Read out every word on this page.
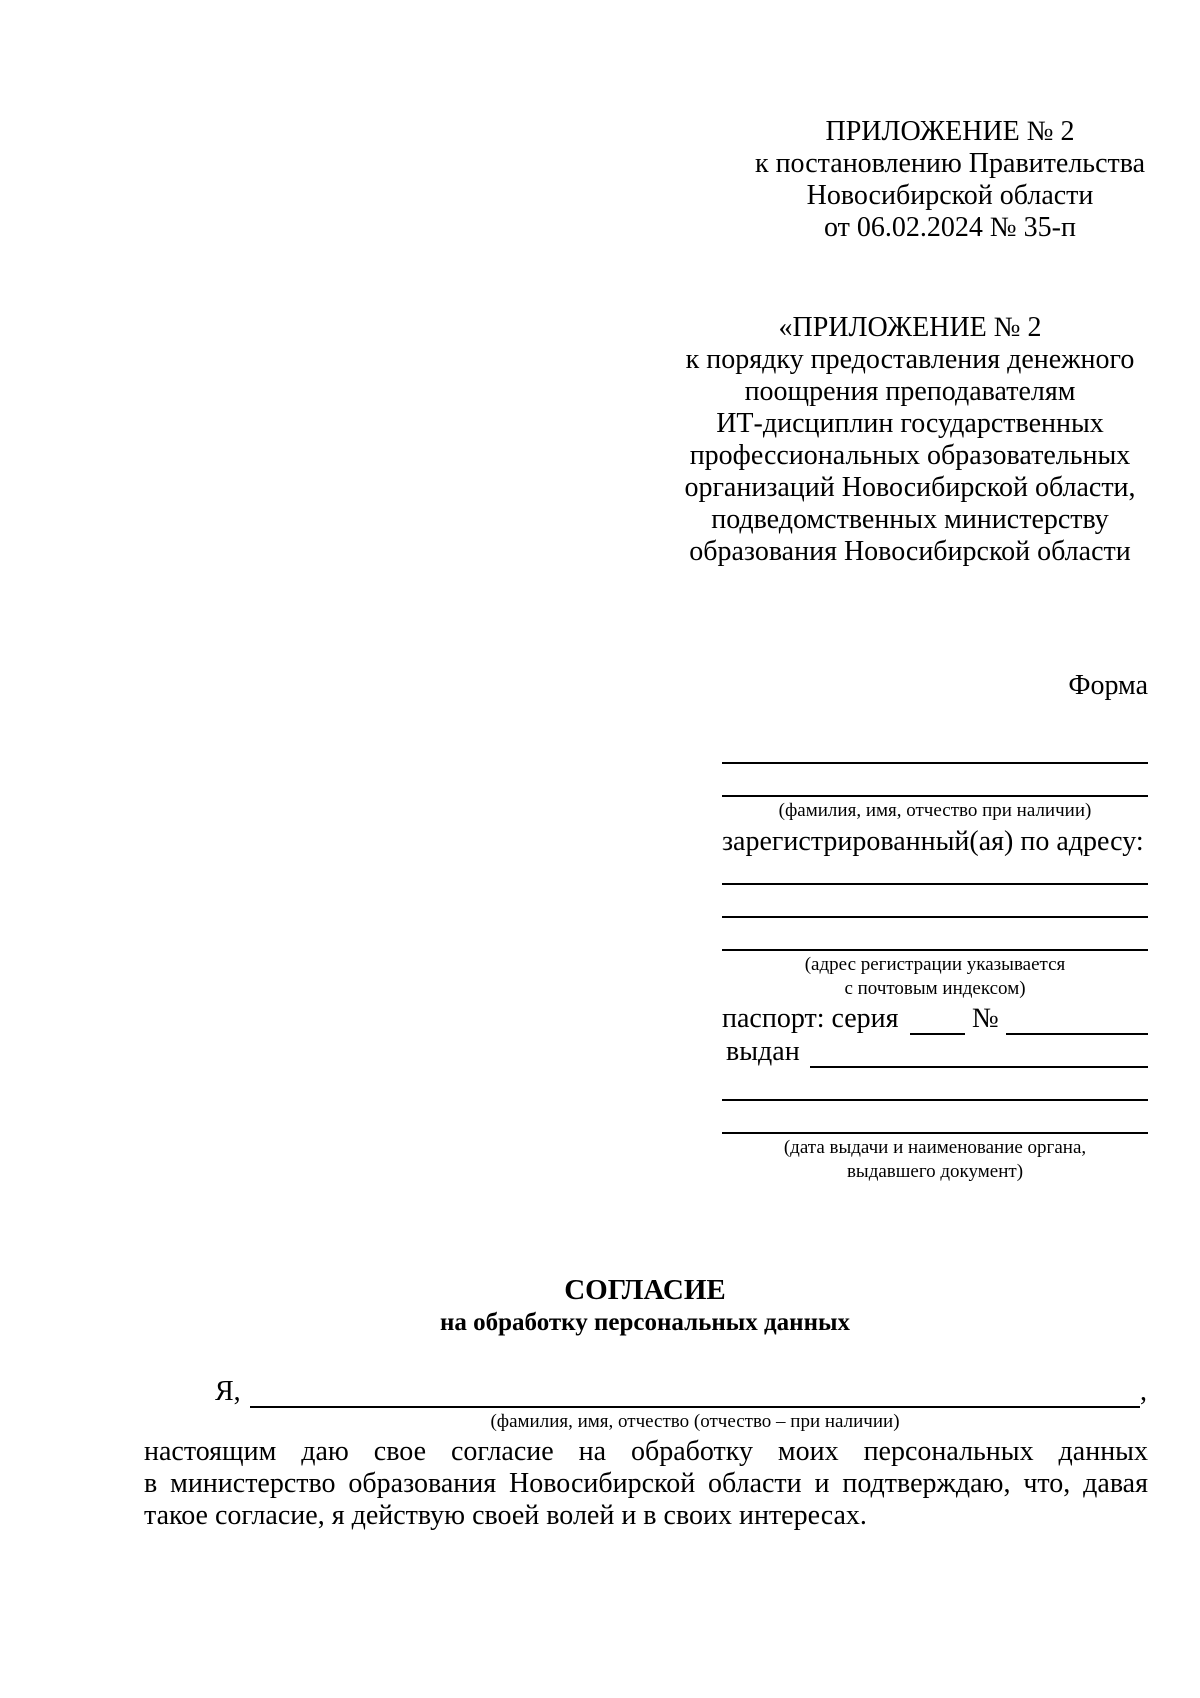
ПРИЛОЖЕНИЕ № 2
к постановлению Правительства
Новосибирской области
от 06.02.2024 № 35-п
«ПРИЛОЖЕНИЕ № 2
к порядку предоставления денежного
поощрения преподавателям
ИТ-дисциплин государственных
профессиональных образовательных
организаций Новосибирской области,
подведомственных министерству
образования Новосибирской области
Форма
(фамилия, имя, отчество при наличии)
зарегистрированный(ая) по адресу:
(адрес регистрации указывается
с почтовым индексом)
паспорт: серия	№
выдан
(дата выдачи и наименование органа,
выдавшего документ)
СОГЛАСИЕ
на обработку персональных данных
Я,	,
(фамилия, имя, отчество (отчество – при наличии)
настоящим даю свое согласие на обработку моих персональных данных
в министерство образования Новосибирской области и подтверждаю, что, давая
такое согласие, я действую своей волей и в своих интересах.
